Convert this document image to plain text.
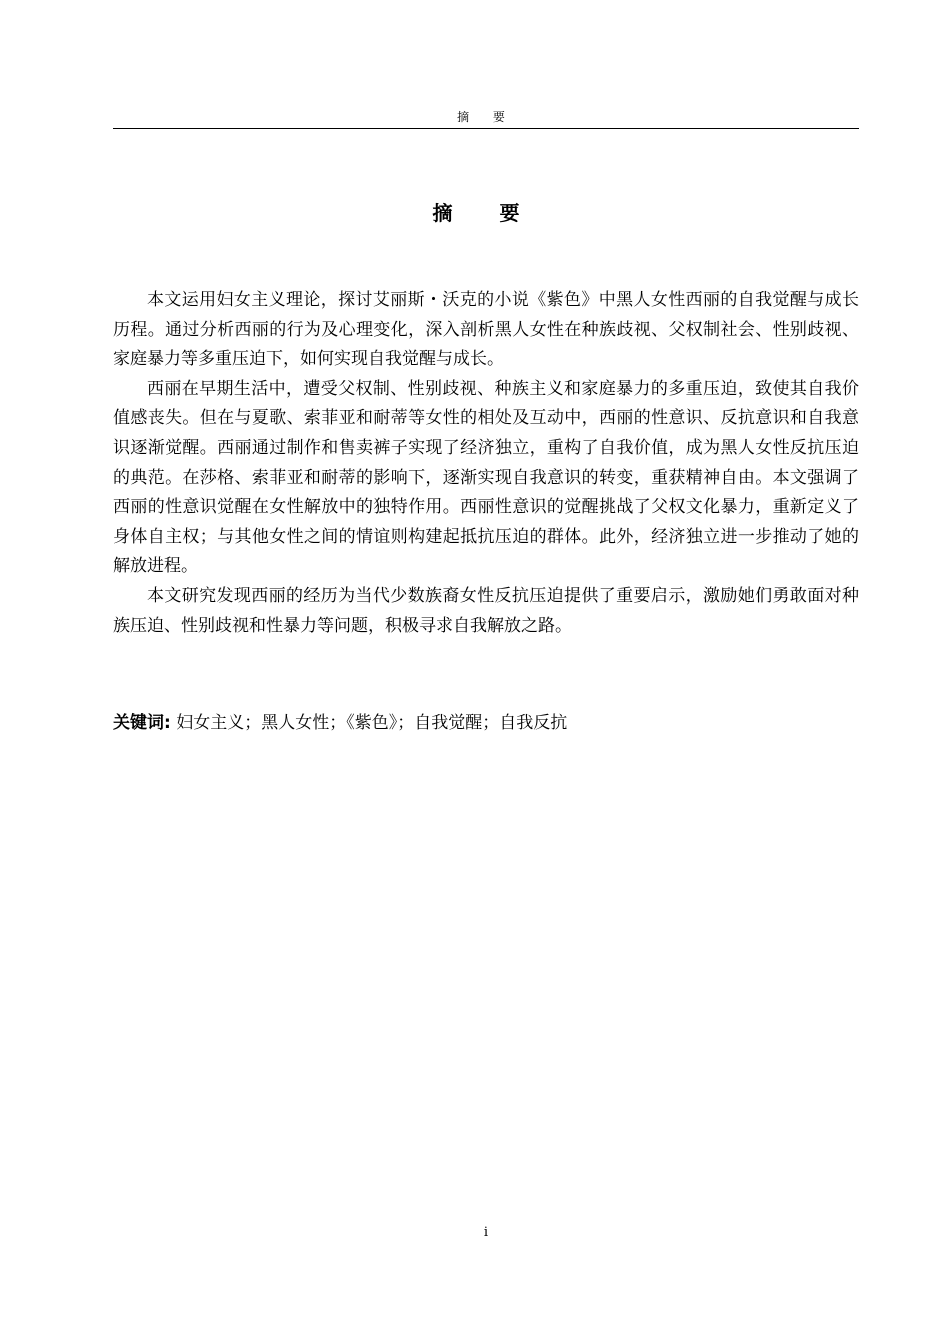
摘 要
摘 要

本文运用妇女主义理论，探讨艾丽斯・沃克的小说《紫色》中黑人女性西丽的自我觉醒与成长历程。通过分析西丽的行为及心理变化，深入剖析黑人女性在种族歧视、父权制社会、性别歧视、家庭暴力等多重压迫下，如何实现自我觉醒与成长。

西丽在早期生活中，遭受父权制、性别歧视、种族主义和家庭暴力的多重压迫，致使其自我价值感丧失。但在与夏歌、索菲亚和耐蒂等女性的相处及互动中，西丽的性意识、反抗意识和自我意识逐渐觉醒。西丽通过制作和售卖裤子实现了经济独立，重构了自我价值，成为黑人女性反抗压迫的典范。在莎格、索菲亚和耐蒂的影响下，逐渐实现自我意识的转变，重获精神自由。本文强调了西丽的性意识觉醒在女性解放中的独特作用。西丽性意识的觉醒挑战了父权文化暴力，重新定义了身体自主权；与其他女性之间的情谊则构建起抵抗压迫的群体。此外，经济独立进一步推动了她的解放进程。

本文研究发现西丽的经历为当代少数族裔女性反抗压迫提供了重要启示，激励她们勇敢面对种族压迫、性别歧视和性暴力等问题，积极寻求自我解放之路。

关键词: 妇女主义；黑人女性；《紫色》；自我觉醒；自我反抗

i
